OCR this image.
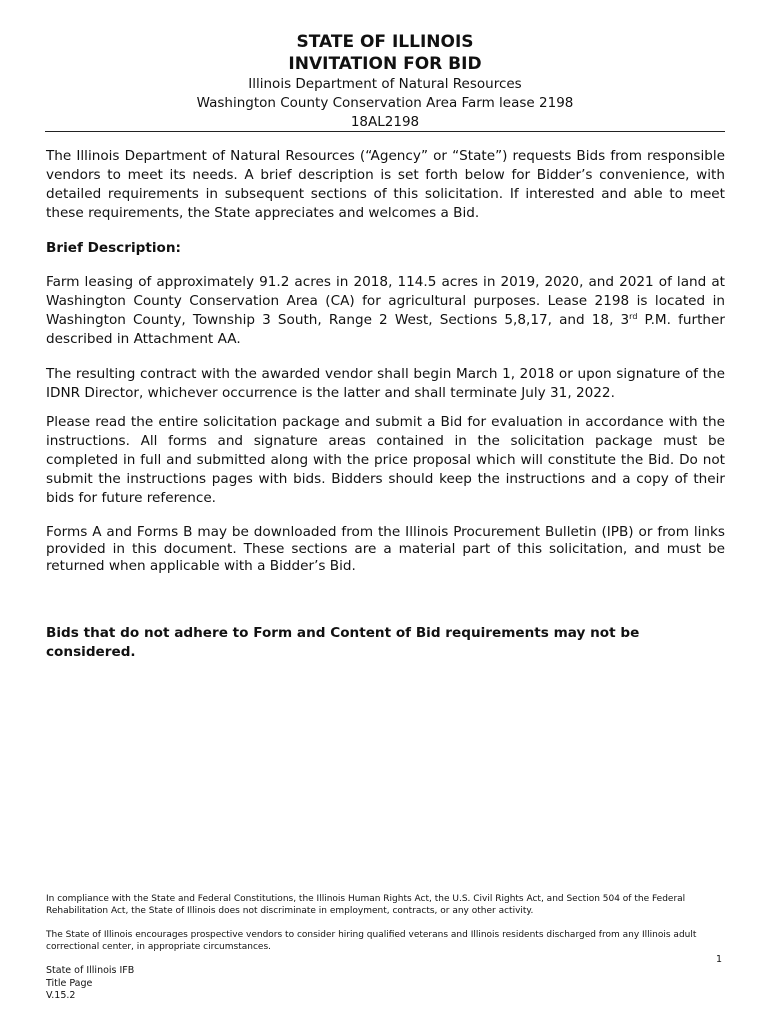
STATE OF ILLINOIS

INVITATION FOR BID

Illinois Department of Natural Resources

Washington County Conservation Area Farm lease 2198

18AL2198

The Illinois Department of Natural Resources (“Agency” or “State”) requests Bids from responsible vendors to meet its needs. A brief description is set forth below for Bidder’s convenience, with detailed requirements in subsequent sections of this solicitation. If interested and able to meet these requirements, the State appreciates and welcomes a Bid.

Brief Description:

Farm leasing of approximately 91.2 acres in 2018, 114.5 acres in 2019, 2020, and 2021 of land at Washington County Conservation Area (CA) for agricultural purposes. Lease 2198 is located in Washington County, Township 3 South, Range 2 West, Sections 5,8,17, and 18, 3rd P.M. further described in Attachment AA.

The resulting contract with the awarded vendor shall begin March 1, 2018 or upon signature of the IDNR Director, whichever occurrence is the latter and shall terminate July 31, 2022.

Please read the entire solicitation package and submit a Bid for evaluation in accordance with the instructions. All forms and signature areas contained in the solicitation package must be completed in full and submitted along with the price proposal which will constitute the Bid. Do not submit the instructions pages with bids. Bidders should keep the instructions and a copy of their bids for future reference.

Forms A and Forms B may be downloaded from the Illinois Procurement Bulletin (IPB) or from links provided in this document. These sections are a material part of this solicitation, and must be returned when applicable with a Bidder’s Bid.

Bids that do not adhere to Form and Content of Bid requirements may not be considered.

In compliance with the State and Federal Constitutions, the Illinois Human Rights Act, the U.S. Civil Rights Act, and Section 504 of the Federal Rehabilitation Act, the State of Illinois does not discriminate in employment, contracts, or any other activity.

The State of Illinois encourages prospective vendors to consider hiring qualified veterans and Illinois residents discharged from any Illinois adult correctional center, in appropriate circumstances.

1
State of Illinois IFB
Title Page
V.15.2
